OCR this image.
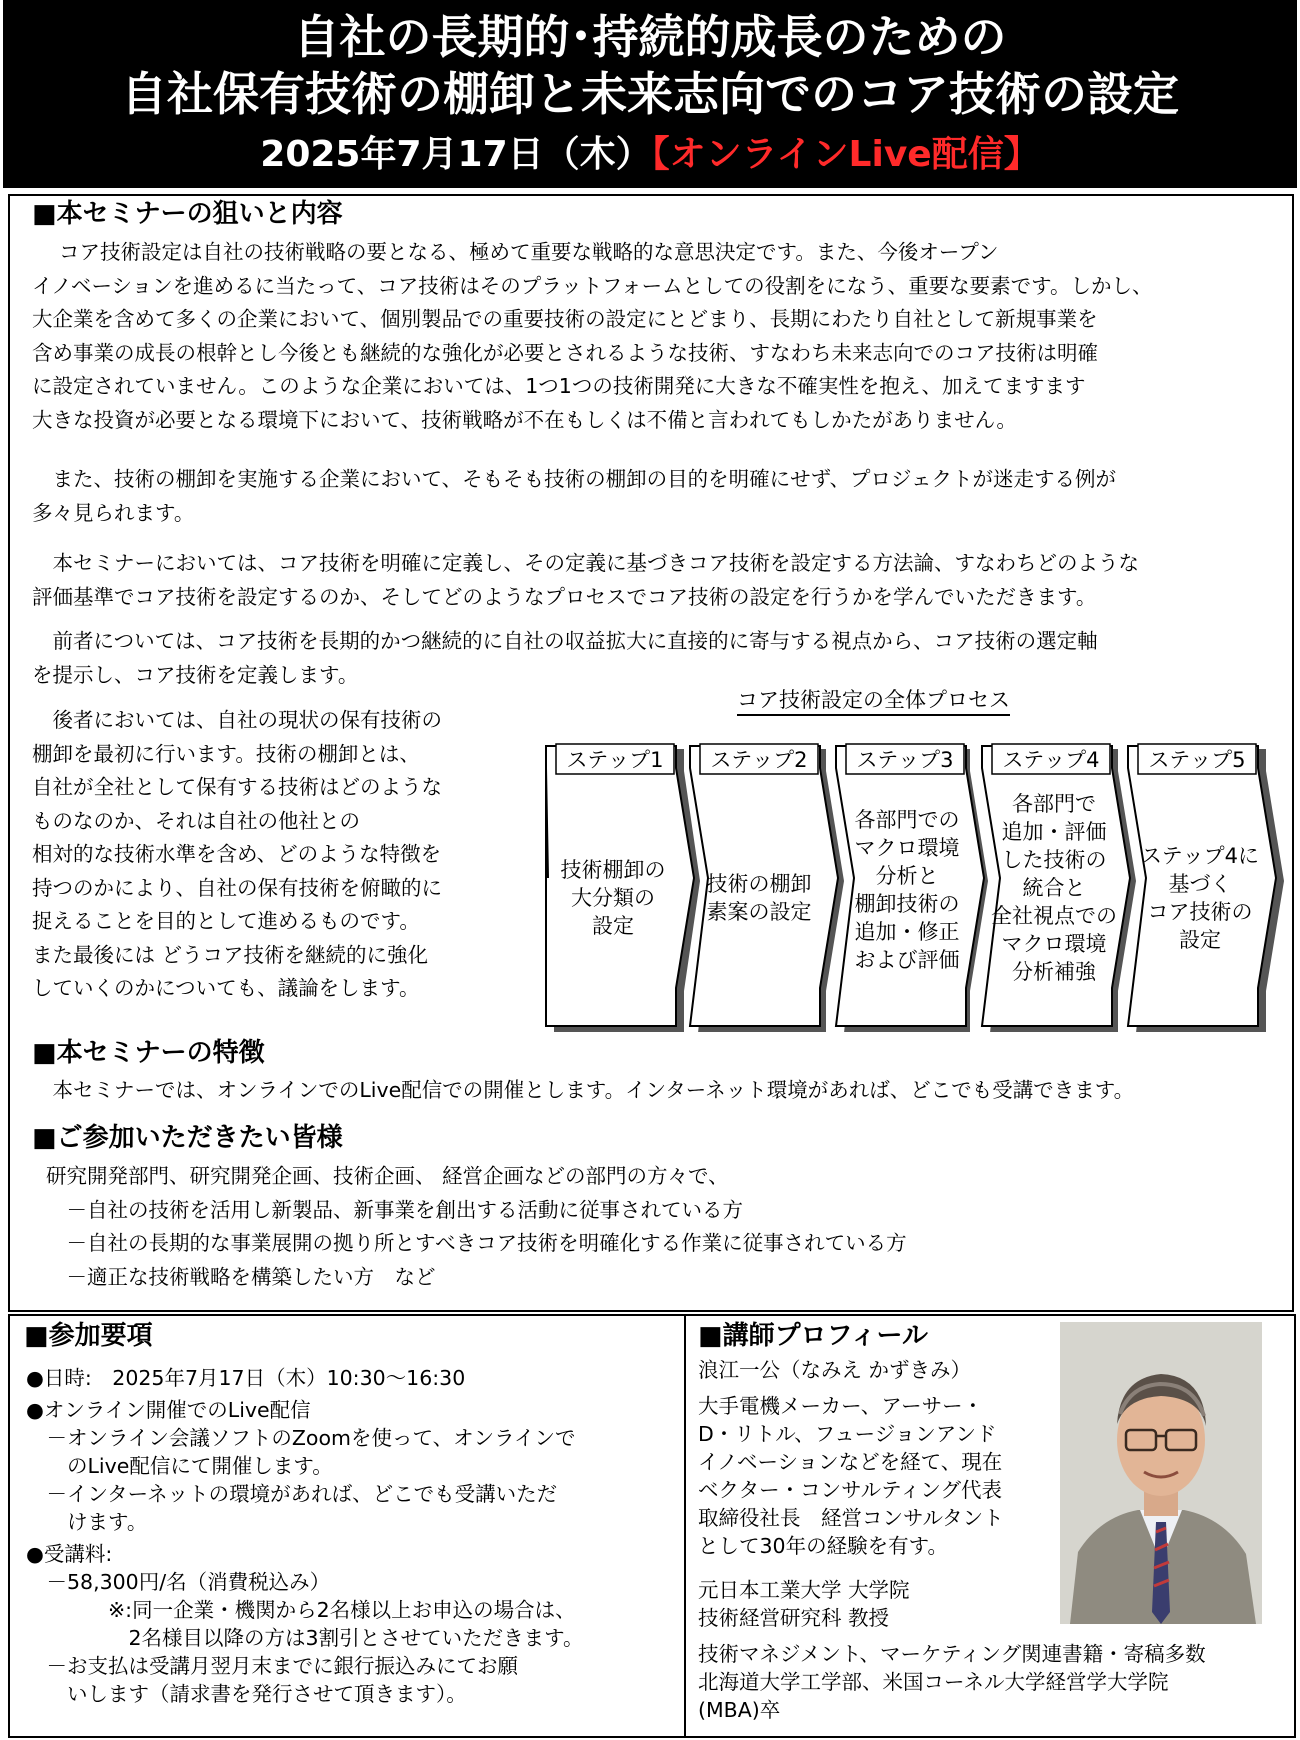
自社の長期的･持続的成長のための
自社保有技術の棚卸と未来志向でのコア技術の設定
2025年7月17日（木）【オンラインLive配信】
■本セミナーの狙いと内容
　 コア技術設定は自社の技術戦略の要となる、極めて重要な戦略的な意思決定です。また、今後オープン
イノベーションを進めるに当たって、コア技術はそのプラットフォームとしての役割をになう、重要な要素です。しかし、
大企業を含めて多くの企業において、個別製品での重要技術の設定にとどまり、長期にわたり自社として新規事業を
含め事業の成長の根幹とし今後とも継続的な強化が必要とされるような技術、すなわち未来志向でのコア技術は明確
に設定されていません。このような企業においては、1つ1つの技術開発に大きな不確実性を抱え、加えてますます
大きな投資が必要となる環境下において、技術戦略が不在もしくは不備と言われてもしかたがありません。
　また、技術の棚卸を実施する企業において、そもそも技術の棚卸の目的を明確にせず、プロジェクトが迷走する例が
多々見られます。
　本セミナーにおいては、コア技術を明確に定義し、その定義に基づきコア技術を設定する方法論、すなわちどのような
評価基準でコア技術を設定するのか、そしてどのようなプロセスでコア技術の設定を行うかを学んでいただきます。
　前者については、コア技術を長期的かつ継続的に自社の収益拡大に直接的に寄与する視点から、コア技術の選定軸
を提示し、コア技術を定義します。
　後者においては、自社の現状の保有技術の
棚卸を最初に行います。技術の棚卸とは、
自社が全社として保有する技術はどのような
ものなのか、それは自社の他社との
相対的な技術水準を含め、どのような特徴を
持つのかにより、自社の保有技術を俯瞰的に
捉えることを目的として進めるものです。
また最後には どうコア技術を継続的に強化
していくのかについても、議論をします。
コア技術設定の全体プロセス
ステップ1	ステップ2	ステップ3	ステップ4	ステップ5
技術棚卸の
大分類の
設定
技術の棚卸
素案の設定
各部門での
マクロ環境
分析と
棚卸技術の
追加・修正
および評価
各部門で
追加・評価
した技術の
統合と
全社視点での
マクロ環境
分析補強
ステップ4に
基づく
コア技術の
設定
■本セミナーの特徴
　本セミナーでは、オンラインでのLive配信での開催とします。インターネット環境があれば、どこでも受講できます。
■ご参加いただきたい皆様
研究開発部門、研究開発企画、技術企画、 経営企画などの部門の方々で、
　－自社の技術を活用し新製品、新事業を創出する活動に従事されている方
　－自社の長期的な事業展開の拠り所とすべきコア技術を明確化する作業に従事されている方
　－適正な技術戦略を構築したい方　など
■参加要項
●日時:　2025年7月17日（木）10:30～16:30
●オンライン開催でのLive配信
　－オンライン会議ソフトのZoomを使って、オンラインで
　　のLive配信にて開催します。
　－インターネットの環境があれば、どこでも受講いただ
　　けます。
●受講料:
　－58,300円/名（消費税込み）
　　　　※:同一企業・機関から2名様以上お申込の場合は、
　　　　　2名様目以降の方は3割引とさせていただきます。
　－お支払は受講月翌月末までに銀行振込みにてお願
　　いします（請求書を発行させて頂きます）。
■講師プロフィール
浪江一公（なみえ かずきみ）
大手電機メーカー、アーサー・
D・リトル、フュージョンアンド
イノベーションなどを経て、現在
ベクター・コンサルティング代表
取締役社長　経営コンサルタント
として30年の経験を有す。
元日本工業大学 大学院
技術経営研究科 教授
技術マネジメント、マーケティング関連書籍・寄稿多数
北海道大学工学部、米国コーネル大学経営学大学院
(MBA)卒
